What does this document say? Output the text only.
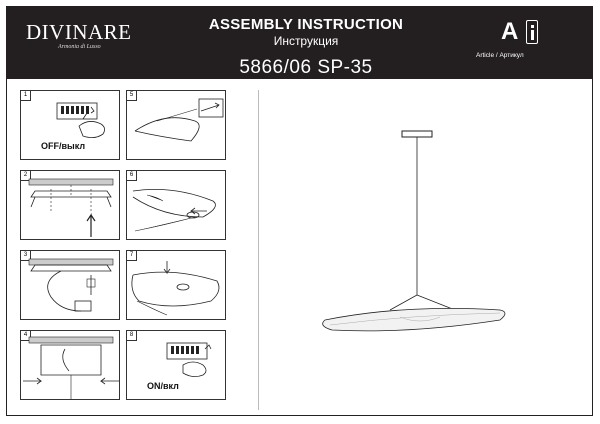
DIVINARE
Armonia di Lusso
ASSEMBLY INSTRUCTION
Инструкция
5866/06 SP-35
A
Article / Артикул
1
OFF/выкл
5
2	6
3	7
4	8
ON/вкл
